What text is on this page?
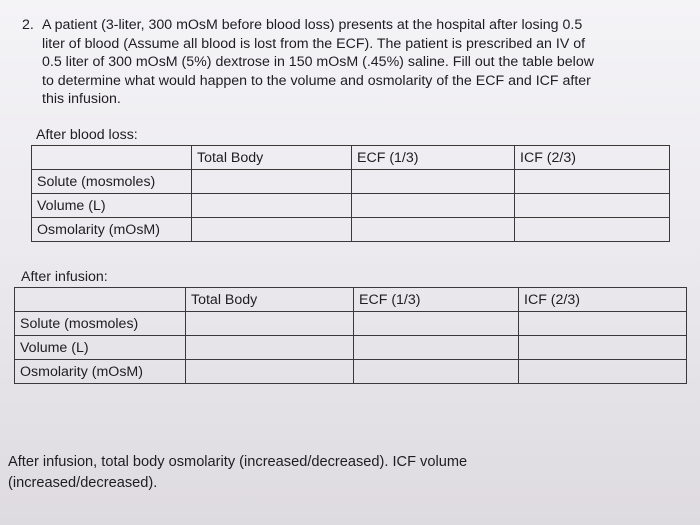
2. A patient (3-liter, 300 mOsM before blood loss) presents at the hospital after losing 0.5
liter of blood (Assume all blood is lost from the ECF). The patient is prescribed an IV of
0.5 liter of 300 mOsM (5%) dextrose in 150 mOsM (.45%) saline. Fill out the table below
to determine what would happen to the volume and osmolarity of the ECF and ICF after
this infusion.
After blood loss:
	Total Body	ECF (1/3)	ICF (2/3)
Solute (mosmoles)			
Volume (L)			
Osmolarity (mOsM)			
After infusion:
	Total Body	ECF (1/3)	ICF (2/3)
Solute (mosmoles)			
Volume (L)			
Osmolarity (mOsM)			
After infusion, total body osmolarity (increased/decreased). ICF volume
(increased/decreased).
